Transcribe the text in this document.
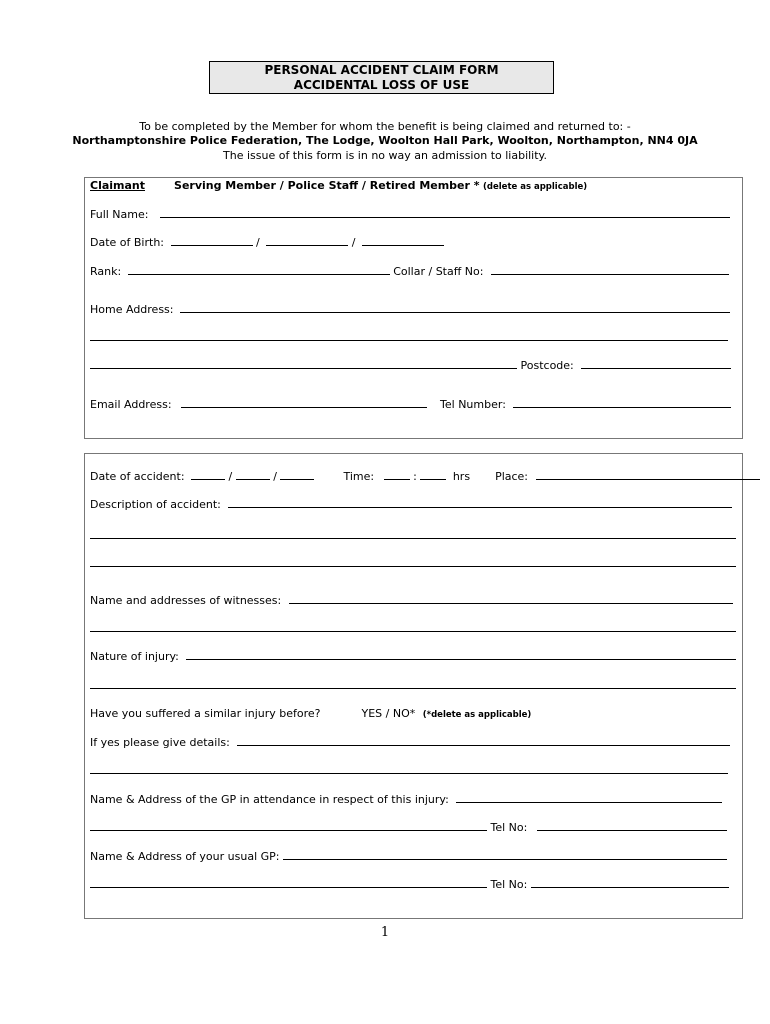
PERSONAL ACCIDENT CLAIM FORM
ACCIDENTAL LOSS OF USE
To be completed by the Member for whom the benefit is being claimed and returned to: -
Northamptonshire Police Federation, The Lodge, Woolton Hall Park, Woolton, Northampton, NN4 0JA
The issue of this form is in no way an admission to liability.
Claimant	Serving Member / Police Staff / Retired Member * (delete as applicable)
Full Name:
Date of Birth:	/	/
Rank:	Collar / Staff No:
Home Address:
Postcode:
Email Address:	Tel Number:
Date of accident:	/	/	Time:	:	hrs Place:
Description of accident:
Name and addresses of witnesses:
Nature of injury:
Have you suffered a similar injury before?	YES / NO* (*delete as applicable)
If yes please give details:
Name & Address of the GP in attendance in respect of this injury:
Tel No:
Name & Address of your usual GP:
Tel No:
1
